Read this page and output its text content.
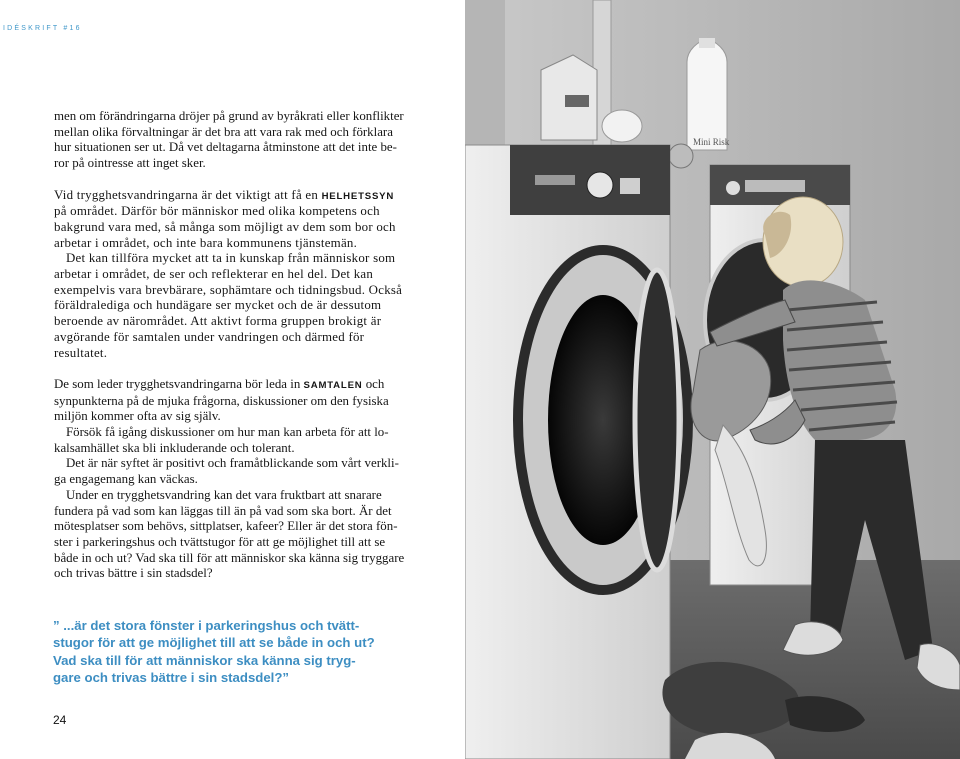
IDÉSKRIFT #16

men om förändringarna dröjer på grund av byråkrati eller konflikter mellan olika förvaltningar är det bra att vara rak med och förklara hur situationen ser ut. Då vet deltagarna åtminstone att det inte beror på ointresse att inget sker.

Vid trygghetsvandringarna är det viktigt att få en HELHETSSYN på området. Därför bör människor med olika kompetens och bakgrund vara med, så många som möjligt av dem som bor och arbetar i området, och inte bara kommunens tjänstemän.

Det kan tillföra mycket att ta in kunskap från människor som arbetar i området, de ser och reflekterar en hel del. Det kan exempelvis vara brevbärare, sophämtare och tidningsbud. Också föräldralediga och hundägare ser mycket och de är dessutom beroende av närområdet. Att aktivt forma gruppen brokigt är avgörande för samtalen under vandringen och därmed för resultatet.

De som leder trygghetsvandringarna bör leda in SAMTALEN och synpunkterna på de mjuka frågorna, diskussioner om den fysiska miljön kommer ofta av sig själv.

Försök få igång diskussioner om hur man kan arbeta för att lokalsamhället ska bli inkluderande och tolerant.

Det är när syftet är positivt och framåtblickande som vårt verkliga engagemang kan väckas.

Under en trygghetsvandring kan det vara fruktbart att snarare fundera på vad som kan läggas till än på vad som ska bort. Är det mötesplatser som behövs, sittplatser, kafeer? Eller är det stora fönster i parkeringshus och tvättstugor för att ge möjlighet till att se både in och ut? Vad ska till för att människor ska känna sig tryggare och trivas bättre i sin stadsdel?

” ...är det stora fönster i parkeringshus och tvätt-

stugor för att ge möjlighet till att se både in och ut?

Vad ska till för att människor ska känna sig tryg-

gare och trivas bättre i sin stadsdel?”

24
Mini Risk
